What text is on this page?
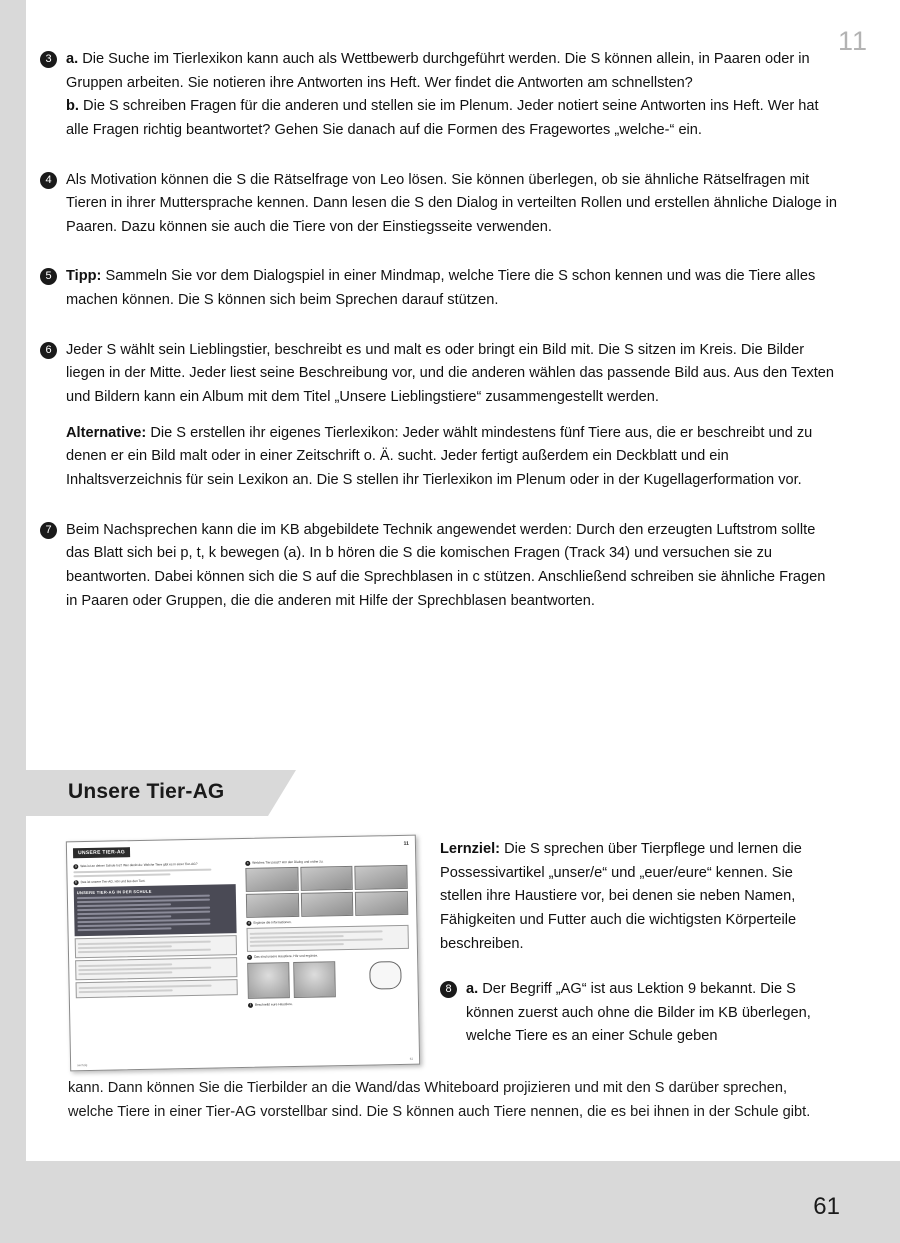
11
61
3 a. Die Suche im Tierlexikon kann auch als Wettbewerb durchgeführt werden. Die S können allein, in Paaren oder in Gruppen arbeiten. Sie notieren ihre Antworten ins Heft. Wer findet die Antworten am schnellsten?
b. Die S schreiben Fragen für die anderen und stellen sie im Plenum. Jeder notiert seine Antworten ins Heft. Wer hat alle Fragen richtig beantwortet? Gehen Sie danach auf die Formen des Fragewortes „welche-“ ein.
4 Als Motivation können die S die Rätselfrage von Leo lösen. Sie können überlegen, ob sie ähnliche Rätselfragen mit Tieren in ihrer Muttersprache kennen. Dann lesen die S den Dialog in verteilten Rollen und erstellen ähnliche Dialoge in Paaren. Dazu können sie auch die Tiere von der Einstiegsseite verwenden.
5 Tipp: Sammeln Sie vor dem Dialogspiel in einer Mindmap, welche Tiere die S schon kennen und was die Tiere alles machen können. Die S können sich beim Sprechen darauf stützen.
6 Jeder S wählt sein Lieblingstier, beschreibt es und malt es oder bringt ein Bild mit. Die S sitzen im Kreis. Die Bilder liegen in der Mitte. Jeder liest seine Beschreibung vor, und die anderen wählen das passende Bild aus. Aus den Texten und Bildern kann ein Album mit dem Titel „Unsere Lieblingstiere“ zusammengestellt werden.
Alternative: Die S erstellen ihr eigenes Tierlexikon: Jeder wählt mindestens fünf Tiere aus, die er beschreibt und zu denen er ein Bild malt oder in einer Zeitschrift o. Ä. sucht. Jeder fertigt außerdem ein Deckblatt und ein Inhaltsverzeichnis für sein Lexikon an. Die S stellen ihr Tierlexikon im Plenum oder in der Kugellagerformation vor.
7 Beim Nachsprechen kann die im KB abgebildete Technik angewendet werden: Durch den erzeugten Luftstrom sollte das Blatt sich bei p, t, k bewegen (a). In b hören die S die komischen Fragen (Track 34) und versuchen sie zu beantworten. Dabei können sich die S auf die Sprechblasen in c stützen. Anschließend schreiben sie ähnliche Fragen in Paaren oder Gruppen, die die anderen mit Hilfe der Sprechblasen beantworten.
Unsere Tier-AG
UNSERE TIER-AG
11
a Was ist an deiner Schule los? Wer denkt du: Welche Tiere gibt es in einer Tier-AG?
b Das ist unsere Tier-AG. Hör und lies den Text.
UNSERE TIER-AG IN DER SCHULE
c Welches Tier passt? Hör den Dialog und ordne zu.
d Ergänze die Informationen.
e Das sind unsere Haustiere. Hör und ergänze.
f Beschreibt eure Haustiere.
sechzig
61
Lernziel: Die S sprechen über Tierpflege und lernen die Possessivartikel „unser/e“ und „euer/eure“ kennen. Sie stellen ihre Haustiere vor, bei denen sie neben Namen, Fähigkeiten und Futter auch die wichtigsten Körperteile beschreiben.
8 a. Der Begriff „AG“ ist aus Lektion 9 bekannt. Die S können zuerst auch ohne die Bilder im KB überlegen, welche Tiere es an einer Schule geben
kann. Dann können Sie die Tierbilder an die Wand/das Whiteboard projizieren und mit den S darüber sprechen, welche Tiere in einer Tier-AG vorstellbar sind. Die S können auch Tiere nennen, die es bei ihnen in der Schule gibt.
